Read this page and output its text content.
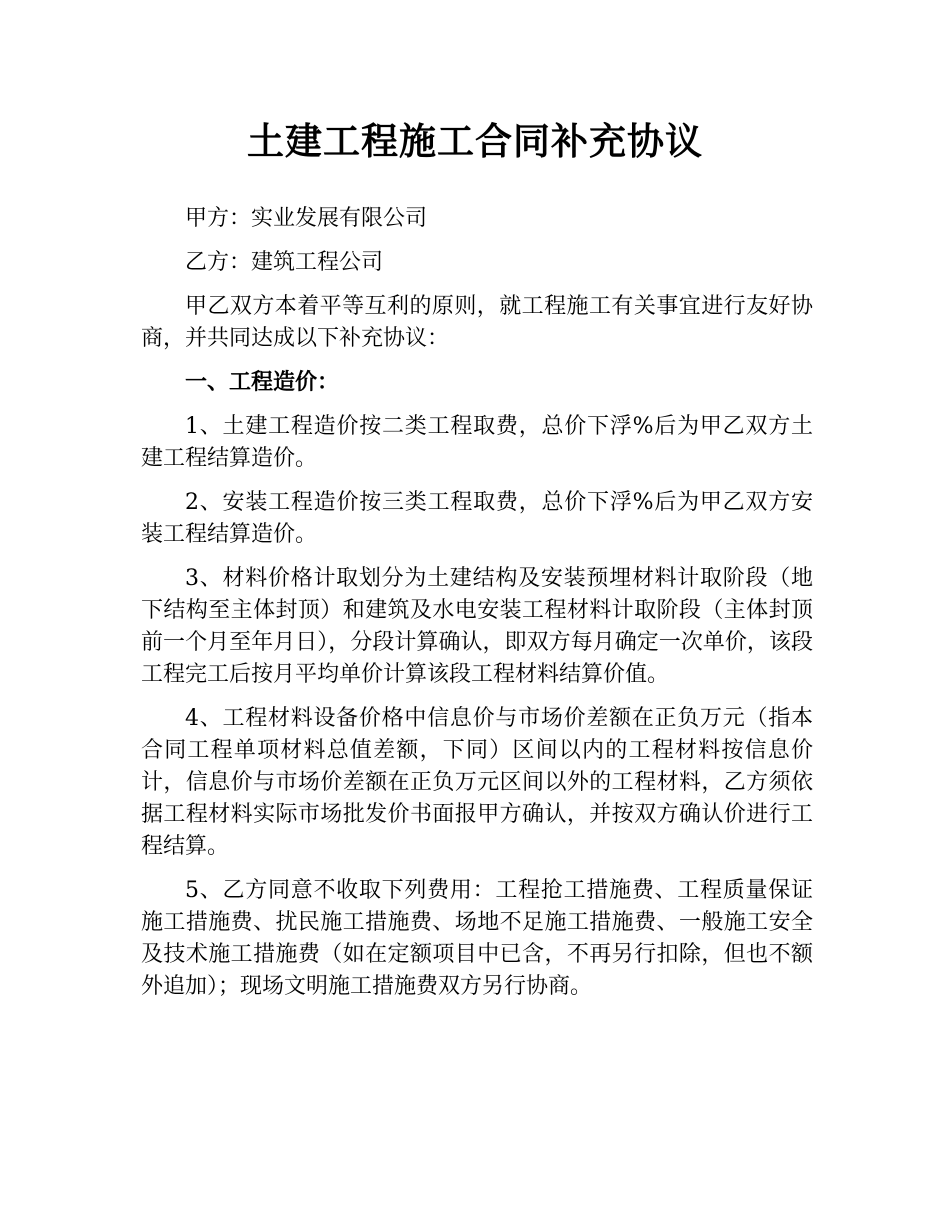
土建工程施工合同补充协议

甲方：实业发展有限公司

乙方：建筑工程公司

甲乙双方本着平等互利的原则，就工程施工有关事宜进行友好协商，并共同达成以下补充协议：

一、工程造价：

1、土建工程造价按二类工程取费，总价下浮%后为甲乙双方土建工程结算造价。

2、安装工程造价按三类工程取费，总价下浮%后为甲乙双方安装工程结算造价。

3、材料价格计取划分为土建结构及安装预埋材料计取阶段（地下结构至主体封顶）和建筑及水电安装工程材料计取阶段（主体封顶前一个月至年月日），分段计算确认，即双方每月确定一次单价，该段工程完工后按月平均单价计算该段工程材料结算价值。

4、工程材料设备价格中信息价与市场价差额在正负万元（指本合同工程单项材料总值差额，下同）区间以内的工程材料按信息价计，信息价与市场价差额在正负万元区间以外的工程材料，乙方须依据工程材料实际市场批发价书面报甲方确认，并按双方确认价进行工程结算。

5、乙方同意不收取下列费用：工程抢工措施费、工程质量保证施工措施费、扰民施工措施费、场地不足施工措施费、一般施工安全及技术施工措施费（如在定额项目中已含，不再另行扣除，但也不额外追加）；现场文明施工措施费双方另行协商。
